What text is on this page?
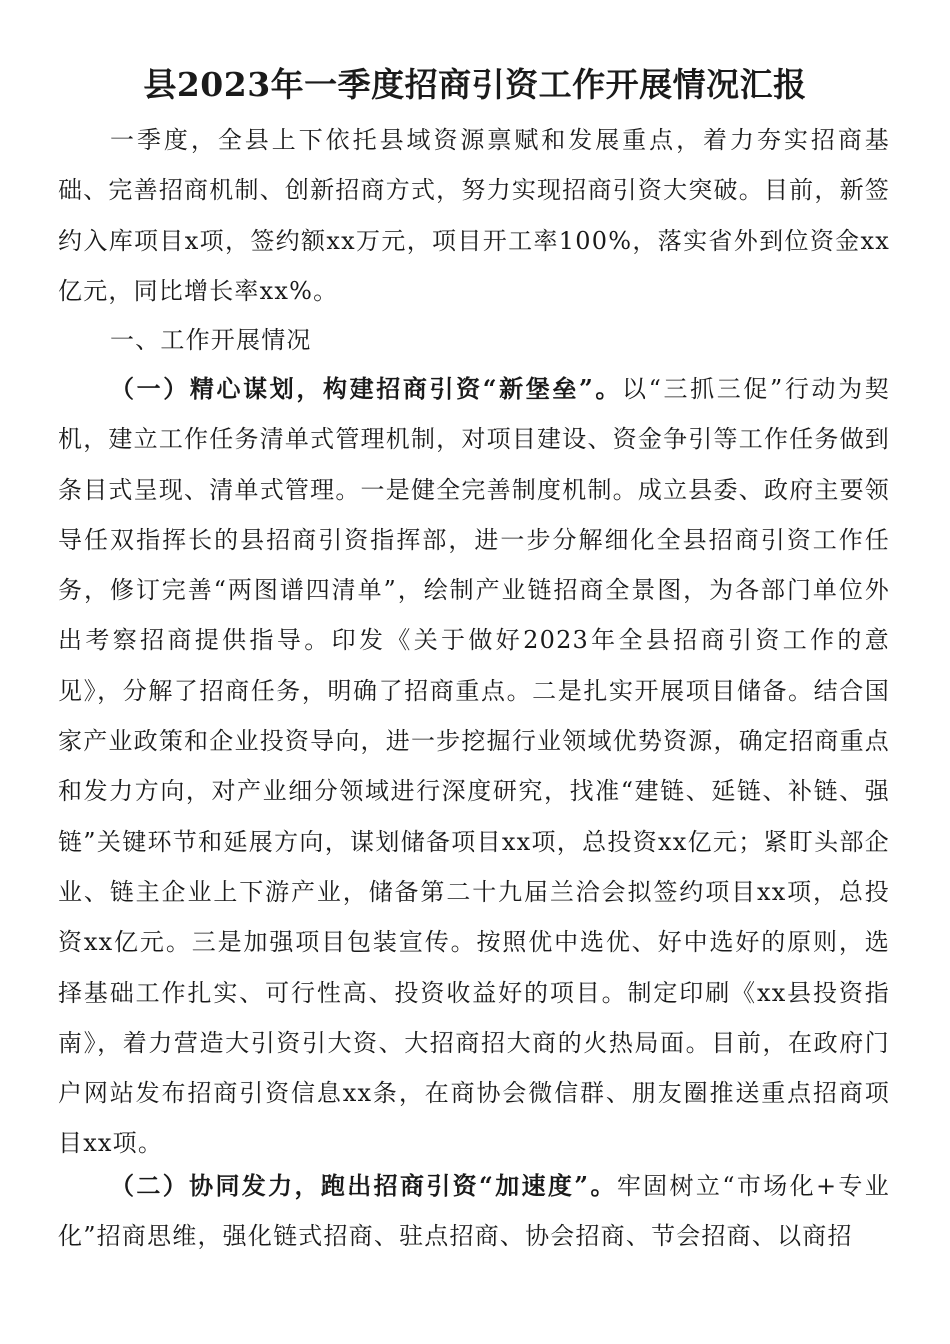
县2023年一季度招商引资工作开展情况汇报
一季度，全县上下依托县域资源禀赋和发展重点，着力夯实招商基础、完善招商机制、创新招商方式，努力实现招商引资大突破。目前，新签约入库项目x项，签约额xx万元，项目开工率100%，落实省外到位资金xx亿元，同比增长率xx%。
一、工作开展情况
（一）精心谋划，构建招商引资“新堡垒”。以“三抓三促”行动为契机，建立工作任务清单式管理机制，对项目建设、资金争引等工作任务做到条目式呈现、清单式管理。一是健全完善制度机制。成立县委、政府主要领导任双指挥长的县招商引资指挥部，进一步分解细化全县招商引资工作任务，修订完善“两图谱四清单”，绘制产业链招商全景图，为各部门单位外出考察招商提供指导。印发《关于做好2023年全县招商引资工作的意见》，分解了招商任务，明确了招商重点。二是扎实开展项目储备。结合国家产业政策和企业投资导向，进一步挖掘行业领域优势资源，确定招商重点和发力方向，对产业细分领域进行深度研究，找准“建链、延链、补链、强链”关键环节和延展方向，谋划储备项目xx项，总投资xx亿元；紧盯头部企业、链主企业上下游产业，储备第二十九届兰洽会拟签约项目xx项，总投资xx亿元。三是加强项目包装宣传。按照优中选优、好中选好的原则，选择基础工作扎实、可行性高、投资收益好的项目。制定印刷《xx县投资指南》，着力营造大引资引大资、大招商招大商的火热局面。目前，在政府门户网站发布招商引资信息xx条，在商协会微信群、朋友圈推送重点招商项目xx项。
（二）协同发力，跑出招商引资“加速度”。牢固树立“市场化+专业化”招商思维，强化链式招商、驻点招商、协会招商、节会招商、以商招
